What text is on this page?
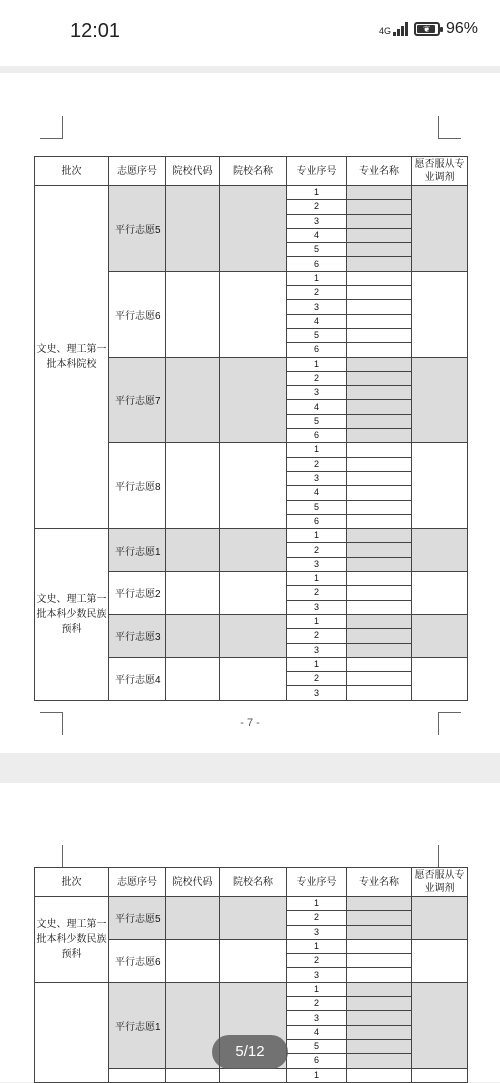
12:01	4G	❦ 96%
批次	志愿序号	院校代码	院校名称	专业序号	专业名称	愿否服从专业调剂
文史、理工第一批本科院校	平行志愿5			1		
				2		
				3		
				4		
				5		
				6		
	平行志愿6			1		
				2		
				3		
				4		
				5		
				6		
	平行志愿7			1		
				2		
				3		
				4		
				5		
				6		
	平行志愿8			1		
				2		
				3		
				4		
				5		
				6		
文史、理工第一批本科少数民族预科	平行志愿1			1		
				2		
				3		
	平行志愿2			1		
				2		
				3		
	平行志愿3			1		
				2		
				3		
	平行志愿4			1		
				2		
				3		
- 7 -
批次	志愿序号	院校代码	院校名称	专业序号	专业名称	愿否服从专业调剂
文史、理工第一批本科少数民族预科	平行志愿5			1		
				2		
				3		
	平行志愿6			1		
				2		
				3		
	平行志愿1			1		
				2		
				3		
				4		
				5		
				6		
				1		
5/12
